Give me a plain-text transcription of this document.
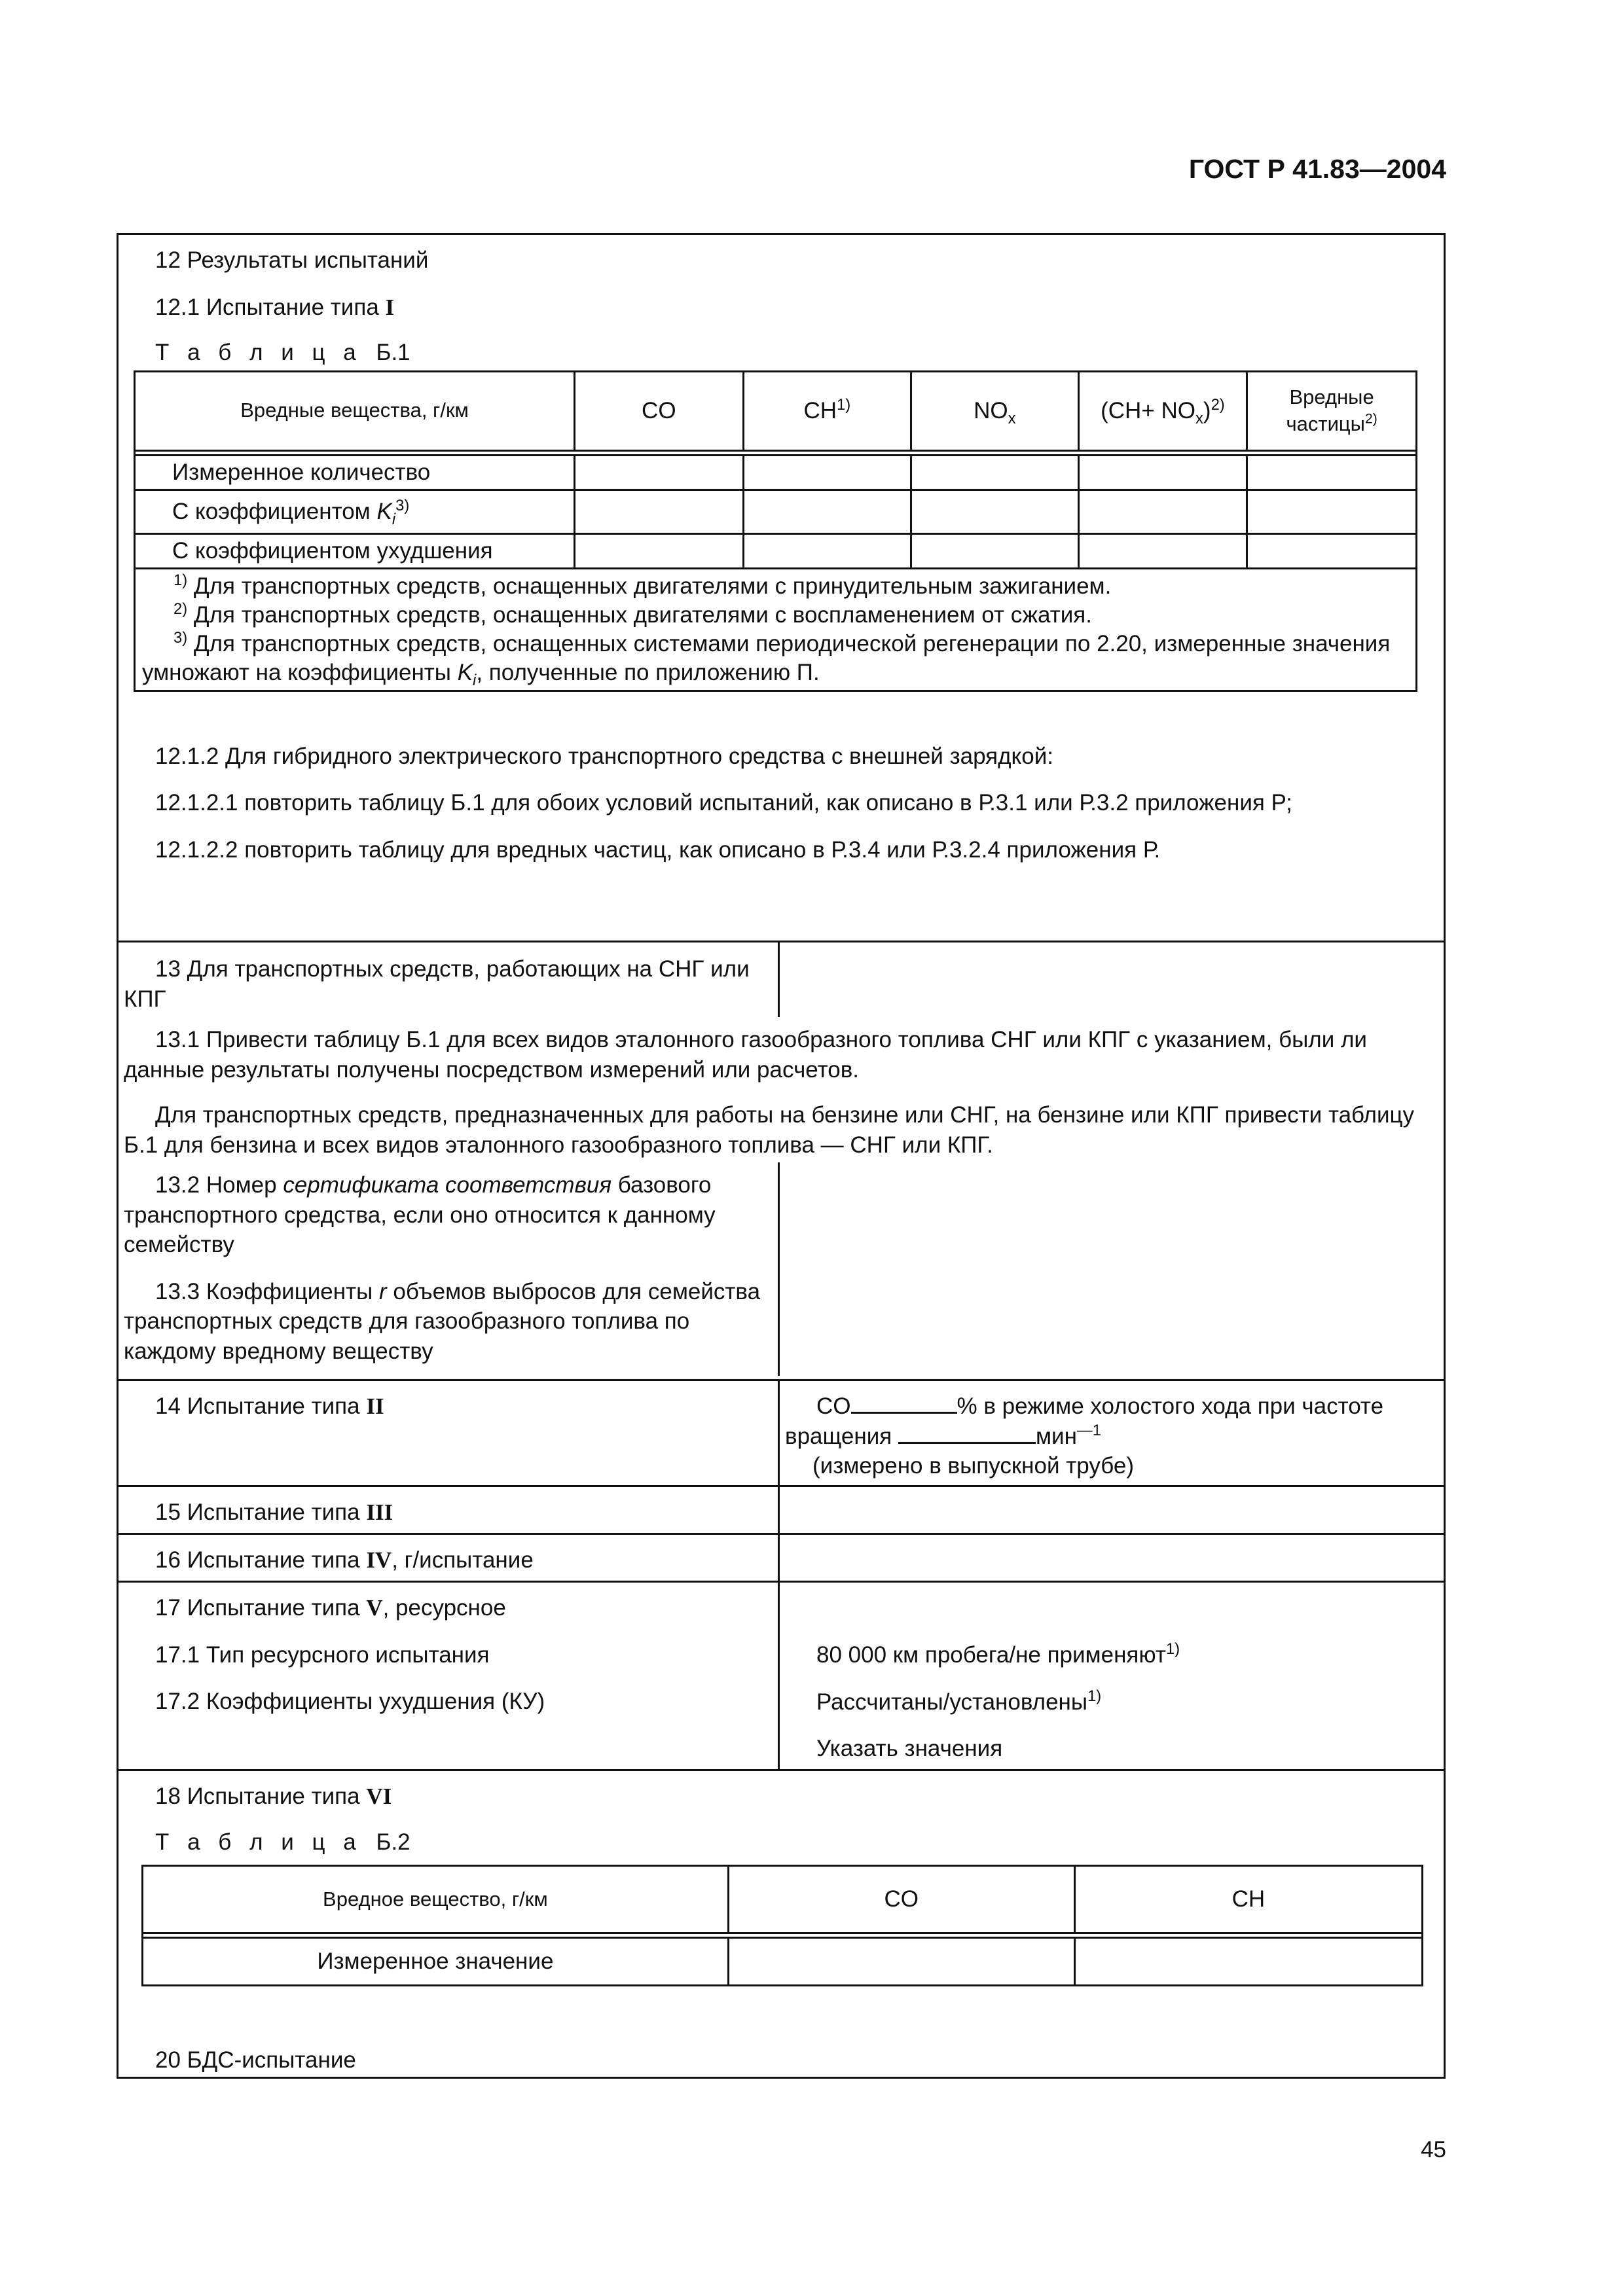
ГОСТ Р 41.83—2004

12 Результаты испытаний

12.1 Испытание типа I

Т а б л и ц а Б.1

Вредные вещества, г/км	CO	CH$^{1)}$	$NO_x$	$(CH+ NO_x)^{2)}$	Вредные
частицы$^{2)}$

Измеренное количество					
С коэффициентом $K_i^{3)}$					
С коэффициентом ухудшения					

$^{1)}$ Для транспортных средств, оснащенных двигателями с принудительным зажиганием.

$^{2)}$ Для транспортных средств, оснащенных двигателями с воспламенением от сжатия.

$^{3)}$ Для транспортных средств, оснащенных системами периодической регенерации по 2.20, измеренные значения умножают на коэффициенты $K_i$, полученные по приложению П.

12.1.2 Для гибридного электрического транспортного средства с внешней зарядкой:

12.1.2.1 повторить таблицу Б.1 для обоих условий испытаний, как описано в Р.3.1 или Р.3.2 приложения Р;

12.1.2.2 повторить таблицу для вредных частиц, как описано в Р.3.4 или Р.3.2.4 приложения Р.

13 Для транспортных средств, работающих на СНГ или КПГ

13.1 Привести таблицу Б.1 для всех видов эталонного газообразного топлива СНГ или КПГ с указанием, были ли данные результаты получены посредством измерений или расчетов.

Для транспортных средств, предназначенных для работы на бензине или СНГ, на бензине или КПГ привести таблицу Б.1 для бензина и всех видов эталонного газообразного топлива — СНГ или КПГ.

13.2 Номер сертификата соответствия базового транспортного средства, если оно относится к данному семейству

13.3 Коэффициенты r объемов выбросов для семейства транспортных средств для газообразного топлива по каждому вредному веществу

14 Испытание типа II	CO	% в режиме холостого хода при частоте
вращения	мин$^{—1}$
(измерено в выпускной трубе)

15 Испытание типа III

16 Испытание типа IV, г/испытание

17 Испытание типа V, ресурсное

17.1 Тип ресурсного испытания

17.2 Коэффициенты ухудшения (КУ)

80 000 км пробега/не применяют$^{1)}$

Рассчитаны/установлены$^{1)}$

Указать значения

18 Испытание типа VI

Т а б л и ц а Б.2

Вредное вещество, г/км	CO	CH

Измеренное значение		

20 БДС-испытание

45
